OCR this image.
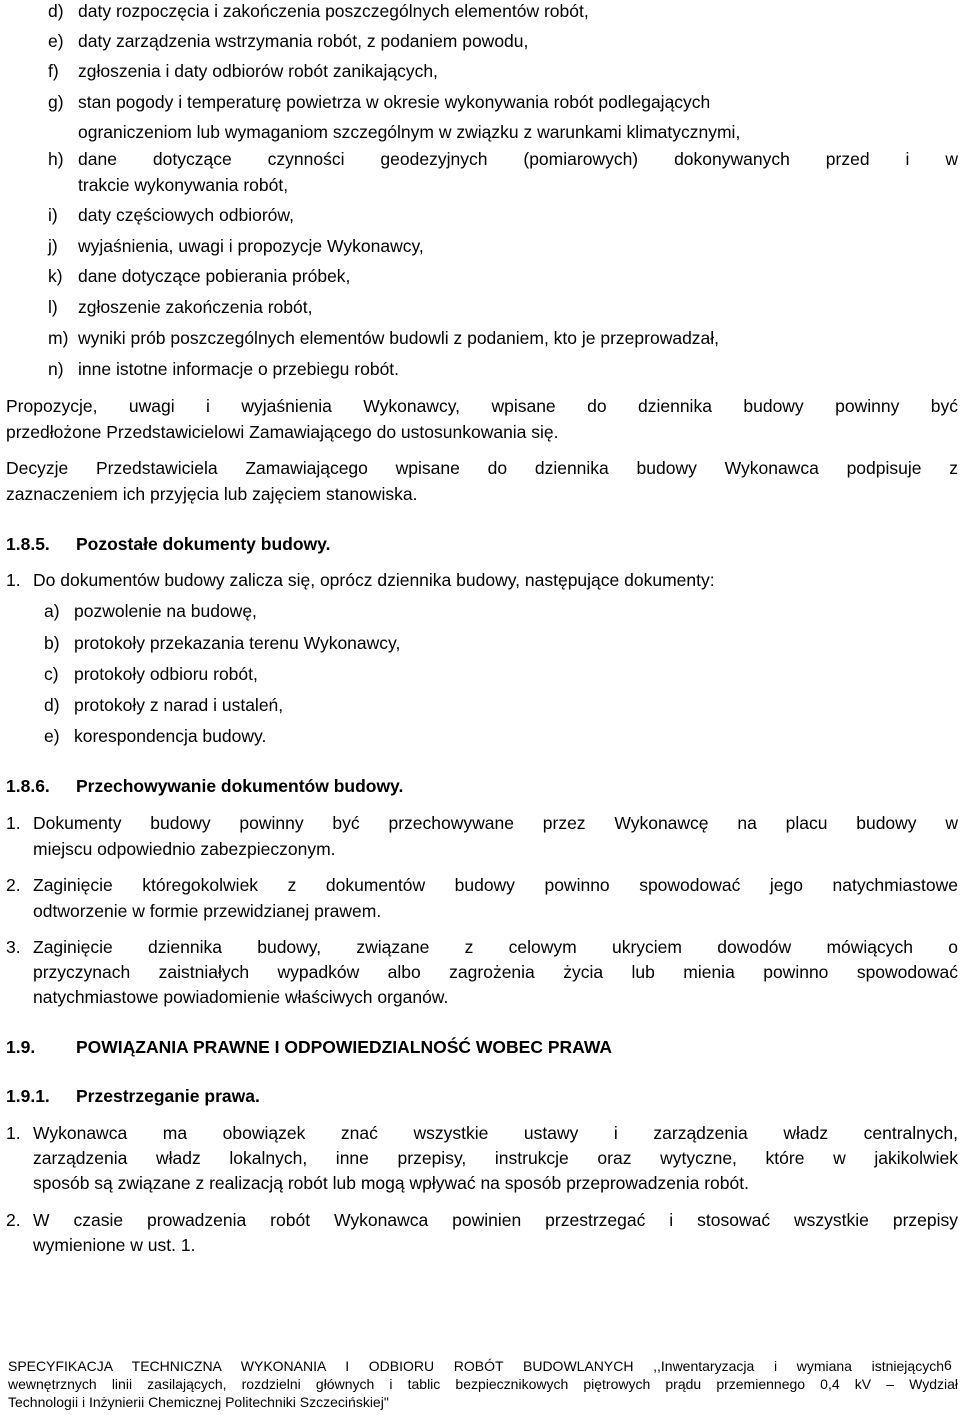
d) daty rozpoczęcia i zakończenia poszczególnych elementów robót,
e) daty zarządzenia wstrzymania robót, z podaniem powodu,
f) zgłoszenia i daty odbiorów robót zanikających,
g) stan pogody i temperaturę powietrza w okresie wykonywania robót podlegających
ograniczeniom lub wymaganiom szczególnym w związku z warunkami klimatycznymi,
h) dane dotyczące czynności geodezyjnych (pomiarowych) dokonywanych przed i w
trakcie wykonywania robót,
i) daty częściowych odbiorów,
j) wyjaśnienia, uwagi i propozycje Wykonawcy,
k) dane dotyczące pobierania próbek,
l) zgłoszenie zakończenia robót,
m) wyniki prób poszczególnych elementów budowli z podaniem, kto je przeprowadzał,
n) inne istotne informacje o przebiegu robót.
Propozycje, uwagi i wyjaśnienia Wykonawcy, wpisane do dziennika budowy powinny być
przedłożone Przedstawicielowi Zamawiającego do ustosunkowania się.
Decyzje Przedstawiciela Zamawiającego wpisane do dziennika budowy Wykonawca podpisuje z
zaznaczeniem ich przyjęcia lub zajęciem stanowiska.
1.8.5. Pozostałe dokumenty budowy.
1. Do dokumentów budowy zalicza się, oprócz dziennika budowy, następujące dokumenty:
a) pozwolenie na budowę,
b) protokoły przekazania terenu Wykonawcy,
c) protokoły odbioru robót,
d) protokoły z narad i ustaleń,
e) korespondencja budowy.
1.8.6. Przechowywanie dokumentów budowy.
1. Dokumenty budowy powinny być przechowywane przez Wykonawcę na placu budowy w
miejscu odpowiednio zabezpieczonym.
2. Zaginięcie któregokolwiek z dokumentów budowy powinno spowodować jego natychmiastowe
odtworzenie w formie przewidzianej prawem.
3. Zaginięcie dziennika budowy, związane z celowym ukryciem dowodów mówiących o
przyczynach zaistniałych wypadków albo zagrożenia życia lub mienia powinno spowodować
natychmiastowe powiadomienie właściwych organów.
1.9. POWIĄZANIA PRAWNE I ODPOWIEDZIALNOŚĆ WOBEC PRAWA
1.9.1. Przestrzeganie prawa.
1. Wykonawca ma obowiązek znać wszystkie ustawy i zarządzenia władz centralnych,
zarządzenia władz lokalnych, inne przepisy, instrukcje oraz wytyczne, które w jakikolwiek
sposób są związane z realizacją robót lub mogą wpływać na sposób przeprowadzenia robót.
2. W czasie prowadzenia robót Wykonawca powinien przestrzegać i stosować wszystkie przepisy
wymienione w ust. 1.
SPECYFIKACJA TECHNICZNA WYKONANIA I ODBIORU ROBÓT BUDOWLANYCH ,,Inwentaryzacja i wymiana istniejących
wewnętrznych linii zasilających, rozdzielni głównych i tablic bezpiecznikowych piętrowych prądu przemiennego 0,4 kV – Wydział
Technologii i Inżynierii Chemicznej Politechniki Szczecińskiej"
6
